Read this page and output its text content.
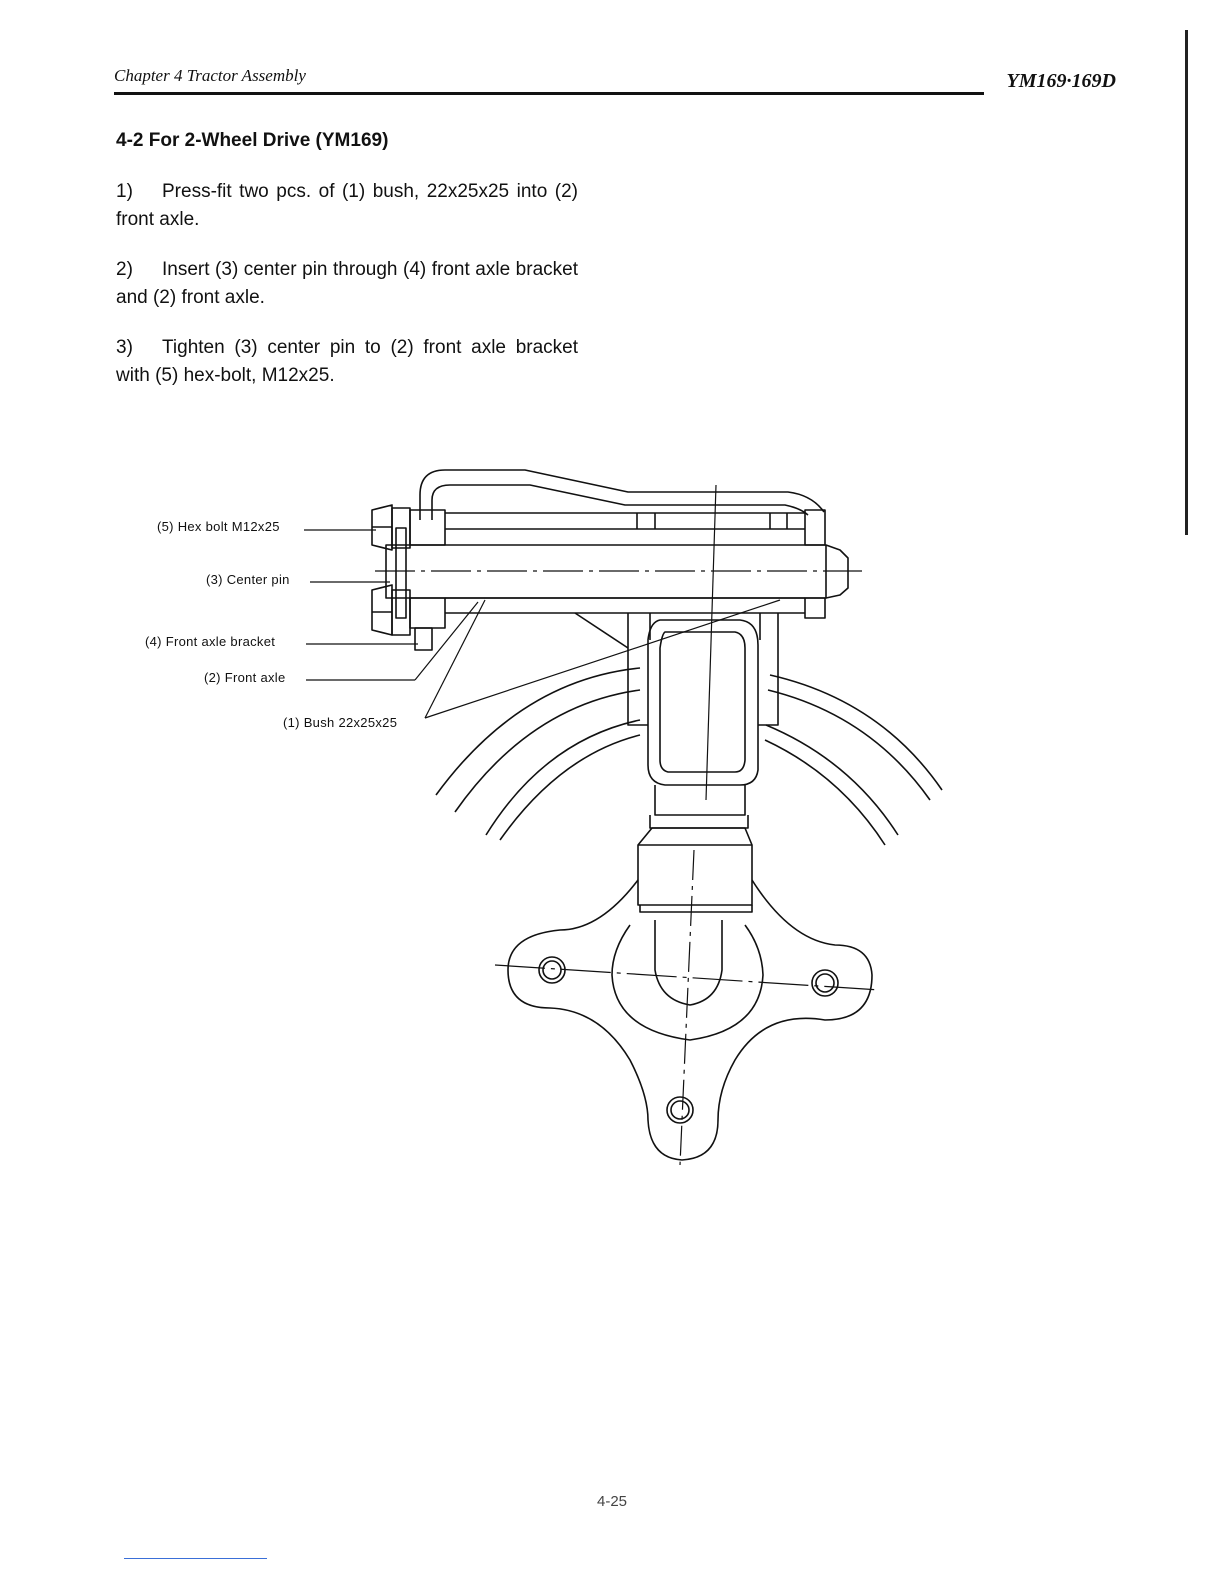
Chapter 4 Tractor Assembly	YM169·169D
4-2 For 2-Wheel Drive (YM169)

1) Press-fit two pcs. of (1) bush, 22x25x25 into (2) front axle.

2) Insert (3) center pin through (4) front axle bracket and (2) front axle.

3) Tighten (3) center pin to (2) front axle bracket with (5) hex-bolt, M12x25.

(5) Hex bolt M12x25
(3) Center pin
(4) Front axle bracket
(2) Front axle
(1) Bush 22x25x25
4-25
